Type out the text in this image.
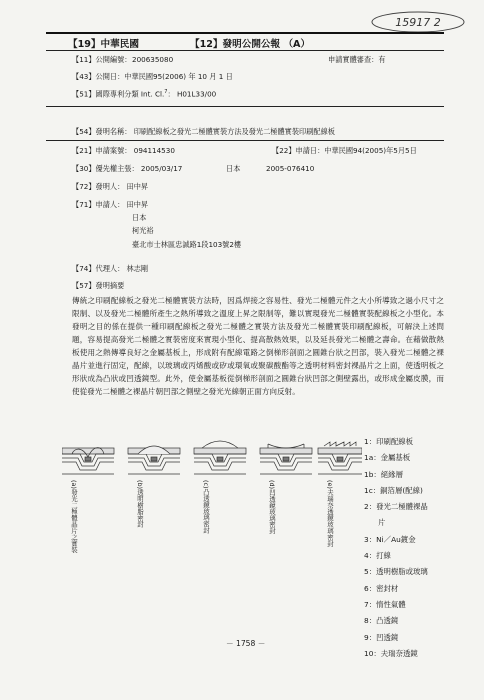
15917 2
【19】中華民國	【12】發明公開公報 （A）
【11】公開編號： 200635080	申請實體審查：有
【43】公開日：中華民國95(2006) 年 10 月 1 日
【51】國際專利分類 Int. Cl.$^7$： H01L33/00
【54】發明名稱： 印刷配線板之發光二極體實裝方法及發光二極體實裝印刷配線板
【21】申請案號： 094114530	【22】申請日：中華民國94(2005)年5月5日
【30】優先權主張： 2005/03/17	日本	2005-076410
【72】發明人： 田中昇
【71】申請人： 田中昇
日本
柯光裕
臺北市士林區忠誠路1段103號2樓
【74】代理人： 林志剛
【57】發明摘要
傳統之印刷配線板之發光二極體實裝方法時，因爲焊接之容易性、發光二極體元件之大小所導致之過小尺寸之限制、以及發光二極體所產生之熱所導致之溫度上昇之限制等，難以實現發光二極體實裝配線板之小型化。本發明之目的係在提供一種印刷配線板之發光二極體之實裝方法及發光二極體實裝印刷配線板，可解決上述問題，容易提高發光二極體之實裝密度來實現小型化、提高散熱效果，以及延長發光二極體之壽命。在藉做散熱板使用之熱傳導良好之金屬基板上，形成附有配線電路之倒梯形剖面之圓錐台狀之凹部，裝入發光二極體之裸晶片並進行固定，配線，以玻璃或丙烯酸或矽或環氧或聚碳酸酯等之透明材料密封裸晶片之上面，使透明板之形狀成為凸狀或凹透鏡型。此外，使金屬基板從倒梯形剖面之圓錐台狀凹部之側壁露出，或形成金屬皮膜，而使從發光二極體之裸晶片朝凹部之側壁之發光光線朝正面方向反射。
(a)發光二極體晶片之實裝	(b)透明樹脂密封	(c)凸透鏡玻璃密封	(d)凹透鏡玻璃密封	(e)夫瑞奈透鏡玻璃密封
1：印刷配線板
1a：金屬基板
1b：絕緣層
1c：銅箔層(配線)
2：發光二極體裸晶
片
3：Ni／Au鍍金
4：打線
5：透明樹脂或玻璃
6：密封材
7：惰性氣體
8：凸透鏡
9：凹透鏡
10：夫瑞奈透鏡
－ 1758 －
